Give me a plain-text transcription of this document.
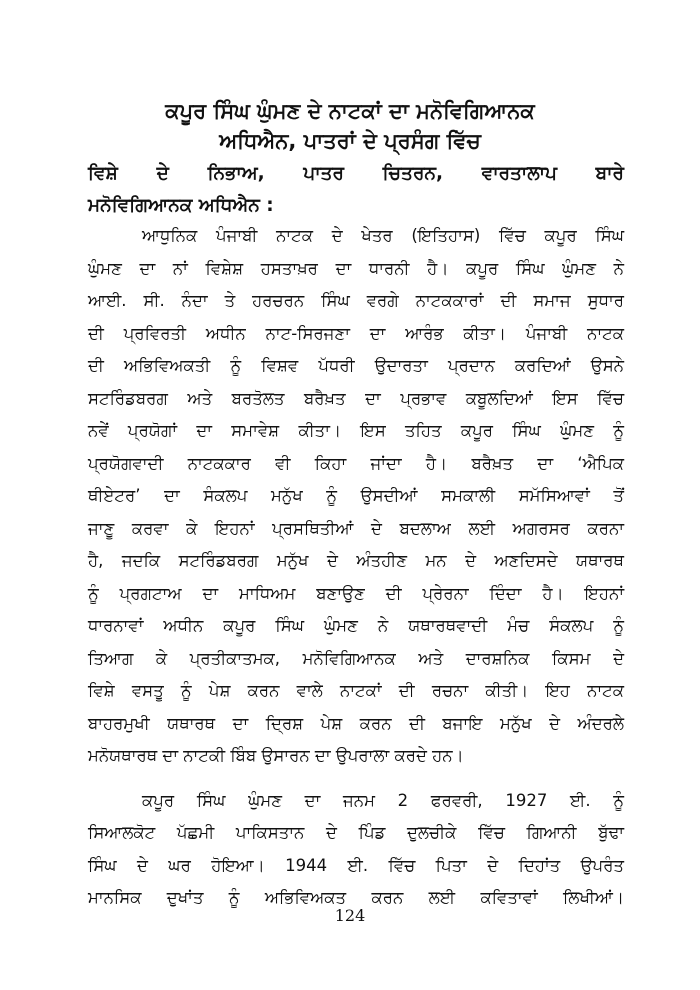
ਕਪੂਰ ਸਿੰਘ ਘੁੰਮਣ ਦੇ ਨਾਟਕਾਂ ਦਾ ਮਨੋਵਿਗਿਆਨਕ
ਅਧਿਐਨ, ਪਾਤਰਾਂ ਦੇ ਪ੍ਰਸੰਗ ਵਿੱਚ
ਵਿਸ਼ੇ ਦੇ ਨਿਭਾਅ, ਪਾਤਰ ਚਿਤਰਨ, ਵਾਰਤਾਲਾਪ ਬਾਰੇ
ਮਨੋਵਿਗਿਆਨਕ ਅਧਿਐਨ :
ਆਧੁਨਿਕ ਪੰਜਾਬੀ ਨਾਟਕ ਦੇ ਖੇਤਰ (ਇਤਿਹਾਸ) ਵਿੱਚ ਕਪੂਰ ਸਿੰਘ
ਘੁੰਮਣ ਦਾ ਨਾਂ ਵਿਸ਼ੇਸ਼ ਹਸਤਾਖ਼ਰ ਦਾ ਧਾਰਨੀ ਹੈ। ਕਪੂਰ ਸਿੰਘ ਘੁੰਮਣ ਨੇ
ਆਈ. ਸੀ. ਨੰਦਾ ਤੇ ਹਰਚਰਨ ਸਿੰਘ ਵਰਗੇ ਨਾਟਕਕਾਰਾਂ ਦੀ ਸਮਾਜ ਸੁਧਾਰ
ਦੀ ਪ੍ਰਵਿਰਤੀ ਅਧੀਨ ਨਾਟ-ਸਿਰਜਣਾ ਦਾ ਆਰੰਭ ਕੀਤਾ। ਪੰਜਾਬੀ ਨਾਟਕ
ਦੀ ਅਭਿਵਿਅਕਤੀ ਨੂੰ ਵਿਸ਼ਵ ਪੱਧਰੀ ਉਦਾਰਤਾ ਪ੍ਰਦਾਨ ਕਰਦਿਆਂ ਉਸਨੇ
ਸਟਰਿੰਡਬਰਗ ਅਤੇ ਬਰਤੋਲਤ ਬਰੈਖ਼ਤ ਦਾ ਪ੍ਰਭਾਵ ਕਬੂਲਦਿਆਂ ਇਸ ਵਿੱਚ
ਨਵੇਂ ਪ੍ਰਯੋਗਾਂ ਦਾ ਸਮਾਵੇਸ਼ ਕੀਤਾ। ਇਸ ਤਹਿਤ ਕਪੂਰ ਸਿੰਘ ਘੁੰਮਣ ਨੂੰ
ਪ੍ਰਯੋਗਵਾਦੀ ਨਾਟਕਕਾਰ ਵੀ ਕਿਹਾ ਜਾਂਦਾ ਹੈ। ਬਰੈਖ਼ਤ ਦਾ ‘ਐਪਿਕ
ਥੀਏਟਰ’ ਦਾ ਸੰਕਲਪ ਮਨੁੱਖ ਨੂੰ ਉਸਦੀਆਂ ਸਮਕਾਲੀ ਸਮੱਸਿਆਵਾਂ ਤੋਂ
ਜਾਣੂ ਕਰਵਾ ਕੇ ਇਹਨਾਂ ਪ੍ਰਸਥਿਤੀਆਂ ਦੇ ਬਦਲਾਅ ਲਈ ਅਗਰਸਰ ਕਰਨਾ
ਹੈ, ਜਦਕਿ ਸਟਰਿੰਡਬਰਗ ਮਨੁੱਖ ਦੇ ਅੰਤਹੀਣ ਮਨ ਦੇ ਅਣਦਿਸਦੇ ਯਥਾਰਥ
ਨੂੰ ਪ੍ਰਗਟਾਅ ਦਾ ਮਾਧਿਅਮ ਬਣਾਉਣ ਦੀ ਪ੍ਰੇਰਨਾ ਦਿੰਦਾ ਹੈ। ਇਹਨਾਂ
ਧਾਰਨਾਵਾਂ ਅਧੀਨ ਕਪੂਰ ਸਿੰਘ ਘੁੰਮਣ ਨੇ ਯਥਾਰਥਵਾਦੀ ਮੰਚ ਸੰਕਲਪ ਨੂੰ
ਤਿਆਗ ਕੇ ਪ੍ਰਤੀਕਾਤਮਕ, ਮਨੋਵਿਗਿਆਨਕ ਅਤੇ ਦਾਰਸ਼ਨਿਕ ਕਿਸਮ ਦੇ
ਵਿਸ਼ੇ ਵਸਤੂ ਨੂੰ ਪੇਸ਼ ਕਰਨ ਵਾਲੇ ਨਾਟਕਾਂ ਦੀ ਰਚਨਾ ਕੀਤੀ। ਇਹ ਨਾਟਕ
ਬਾਹਰਮੁਖੀ ਯਥਾਰਥ ਦਾ ਦ੍ਰਿਸ਼ ਪੇਸ਼ ਕਰਨ ਦੀ ਬਜਾਇ ਮਨੁੱਖ ਦੇ ਅੰਦਰਲੇ
ਮਨੋਯਥਾਰਥ ਦਾ ਨਾਟਕੀ ਬਿੰਬ ਉਸਾਰਨ ਦਾ ਉਪਰਾਲਾ ਕਰਦੇ ਹਨ।
ਕਪੂਰ ਸਿੰਘ ਘੁੰਮਣ ਦਾ ਜਨਮ 2 ਫਰਵਰੀ, 1927 ਈ. ਨੂੰ
ਸਿਆਲਕੋਟ ਪੱਛਮੀ ਪਾਕਿਸਤਾਨ ਦੇ ਪਿੰਡ ਦੁਲਚੀਕੇ ਵਿੱਚ ਗਿਆਨੀ ਬੁੱਢਾ
ਸਿੰਘ ਦੇ ਘਰ ਹੋਇਆ। 1944 ਈ. ਵਿੱਚ ਪਿਤਾ ਦੇ ਦਿਹਾਂਤ ਉਪਰੰਤ
ਮਾਨਸਿਕ ਦੁਖਾਂਤ ਨੂੰ ਅਭਿਵਿਅਕਤ ਕਰਨ ਲਈ ਕਵਿਤਾਵਾਂ ਲਿਖੀਆਂ।
124
